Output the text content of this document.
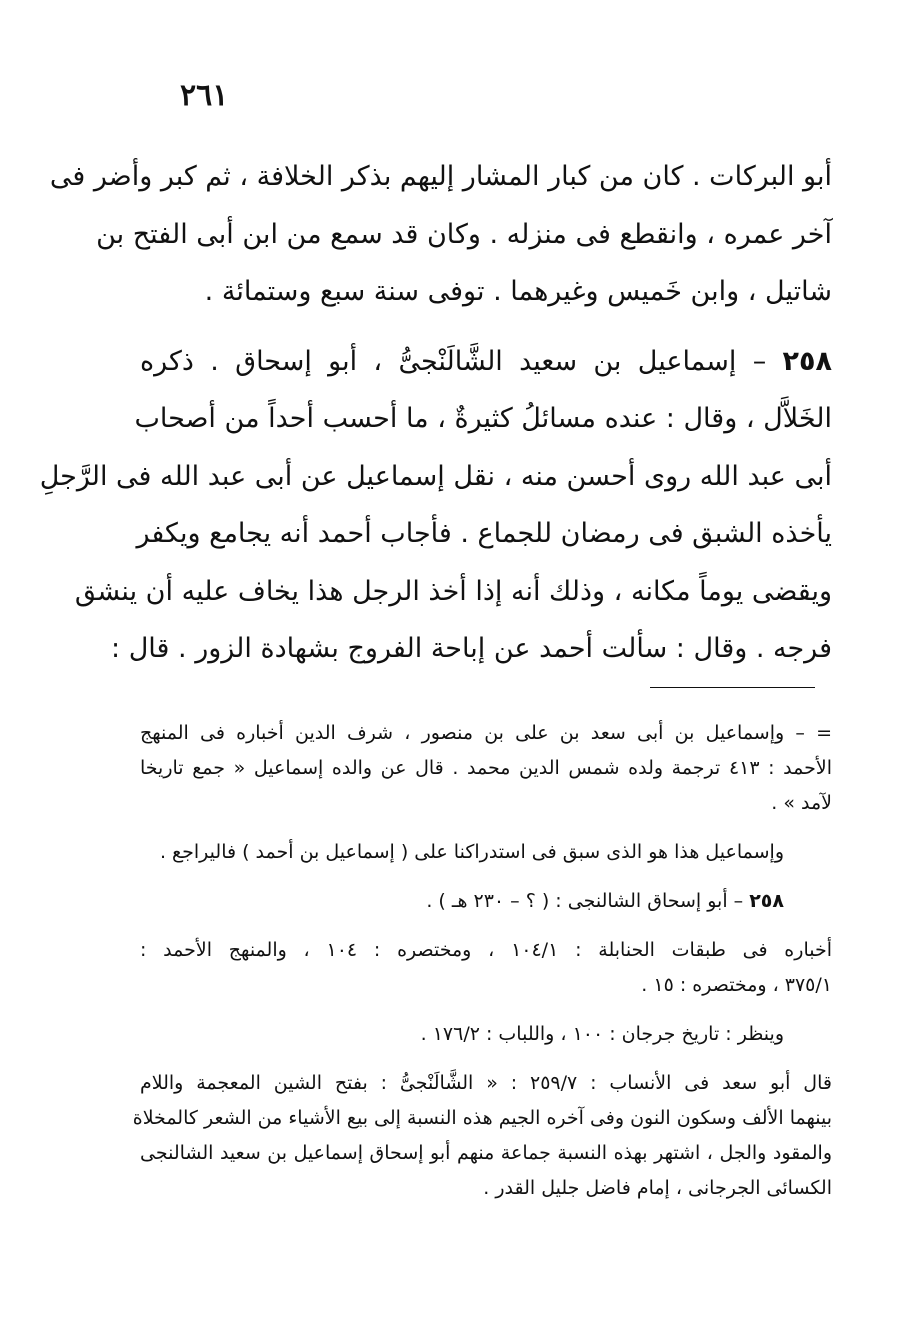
٢٦١
أبو البركات . كان من كبار المشار إليهم بذكر الخلافة ، ثم كبر وأضر فى
آخر عمره ، وانقطع فى منزله . وكان قد سمع من ابن أبى الفتح بن
شاتيل ، وابن خَميس وغيرهما . توفى سنة سبع وستمائة .
٢٥٨ – إسماعيل بن سعيد الشَّالَنْجىُّ ، أبو إسحاق . ذكره
الخَلاَّل ، وقال : عنده مسائلُ كثيرةٌ ، ما أحسب أحداً من أصحاب
أبى عبد الله روى أحسن منه ، نقل إسماعيل عن أبى عبد الله فى الرَّجلِ
يأخذه الشبق فى رمضان للجماع . فأجاب أحمد أنه يجامع ويكفر
ويقضى يوماً مكانه ، وذلك أنه إذا أخذ الرجل هذا يخاف عليه أن ينشق
فرجه . وقال : سألت أحمد عن إباحة الفروج بشهادة الزور . قال :
= – وإسماعيل بن أبى سعد بن على بن منصور ، شرف الدين أخباره فى المنهج
الأحمد : ٤١٣ ترجمة ولده شمس الدين محمد . قال عن والده إسماعيل « جمع تاريخا
لآمد » .
وإسماعيل هذا هو الذى سبق فى استدراكنا على ( إسماعيل بن أحمد ) فاليراجع .
٢٥٨ – أبو إسحاق الشالنجى : ( ؟ – ٢٣٠ هـ ) .
أخباره فى طبقات الحنابلة : ١٠٤/١ ، ومختصره : ١٠٤ ، والمنهج الأحمد :
٣٧٥/١ ، ومختصره : ١٥ .
وينظر : تاريخ جرجان : ١٠٠ ، واللباب : ١٧٦/٢ .
قال أبو سعد فى الأنساب : ٢٥٩/٧ : « الشَّالَنْجىُّ : بفتح الشين المعجمة واللام
بينهما الألف وسكون النون وفى آخره الجيم هذه النسبة إلى بيع الأشياء من الشعر كالمخلاة
والمقود والجل ، اشتهر بهذه النسبة جماعة منهم أبو إسحاق إسماعيل بن سعيد الشالنجى
الكسائى الجرجانى ، إمام فاضل جليل القدر .
